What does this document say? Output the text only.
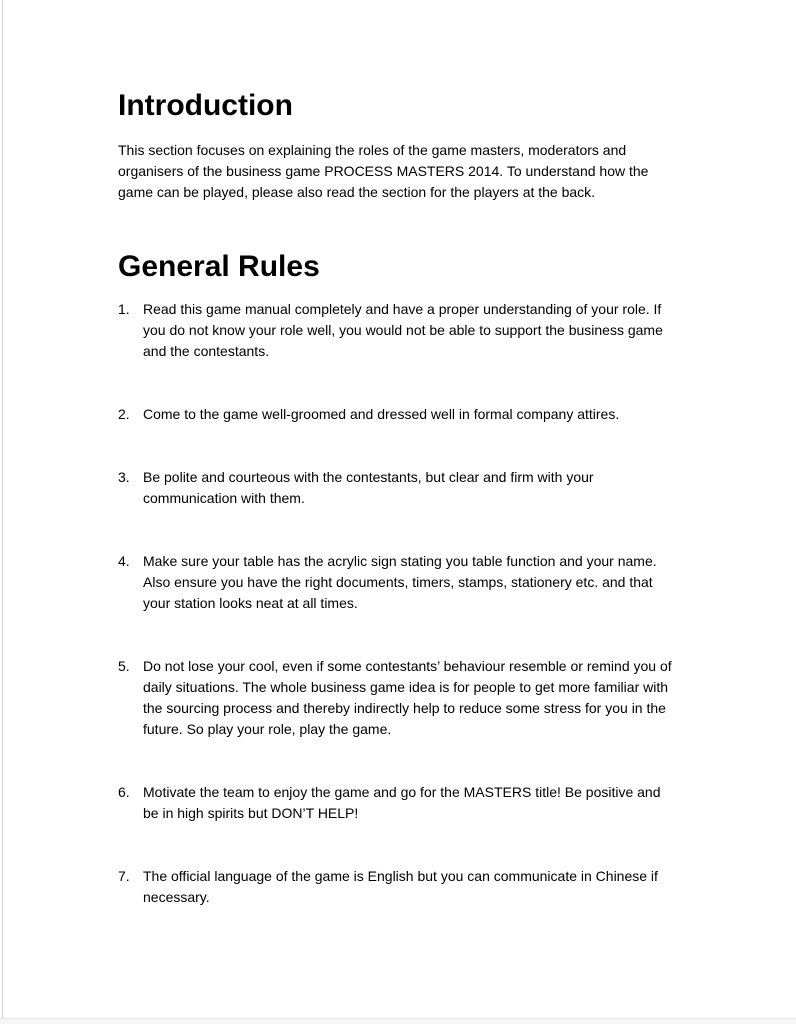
Introduction

This section focuses on explaining the roles of the game masters, moderators and organisers of the business game PROCESS MASTERS 2014. To understand how the game can be played, please also read the section for the players at the back.

General Rules
1. Read this game manual completely and have a proper understanding of your role. If you do not know your role well, you would not be able to support the business game and the contestants.
2. Come to the game well-groomed and dressed well in formal company attires.
3. Be polite and courteous with the contestants, but clear and firm with your communication with them.
4. Make sure your table has the acrylic sign stating you table function and your name. Also ensure you have the right documents, timers, stamps, stationery etc. and that your station looks neat at all times.
5. Do not lose your cool, even if some contestants’ behaviour resemble or remind you of daily situations. The whole business game idea is for people to get more familiar with the sourcing process and thereby indirectly help to reduce some stress for you in the future. So play your role, play the game.
6. Motivate the team to enjoy the game and go for the MASTERS title! Be positive and be in high spirits but DON’T HELP!
7. The official language of the game is English but you can communicate in Chinese if necessary.
